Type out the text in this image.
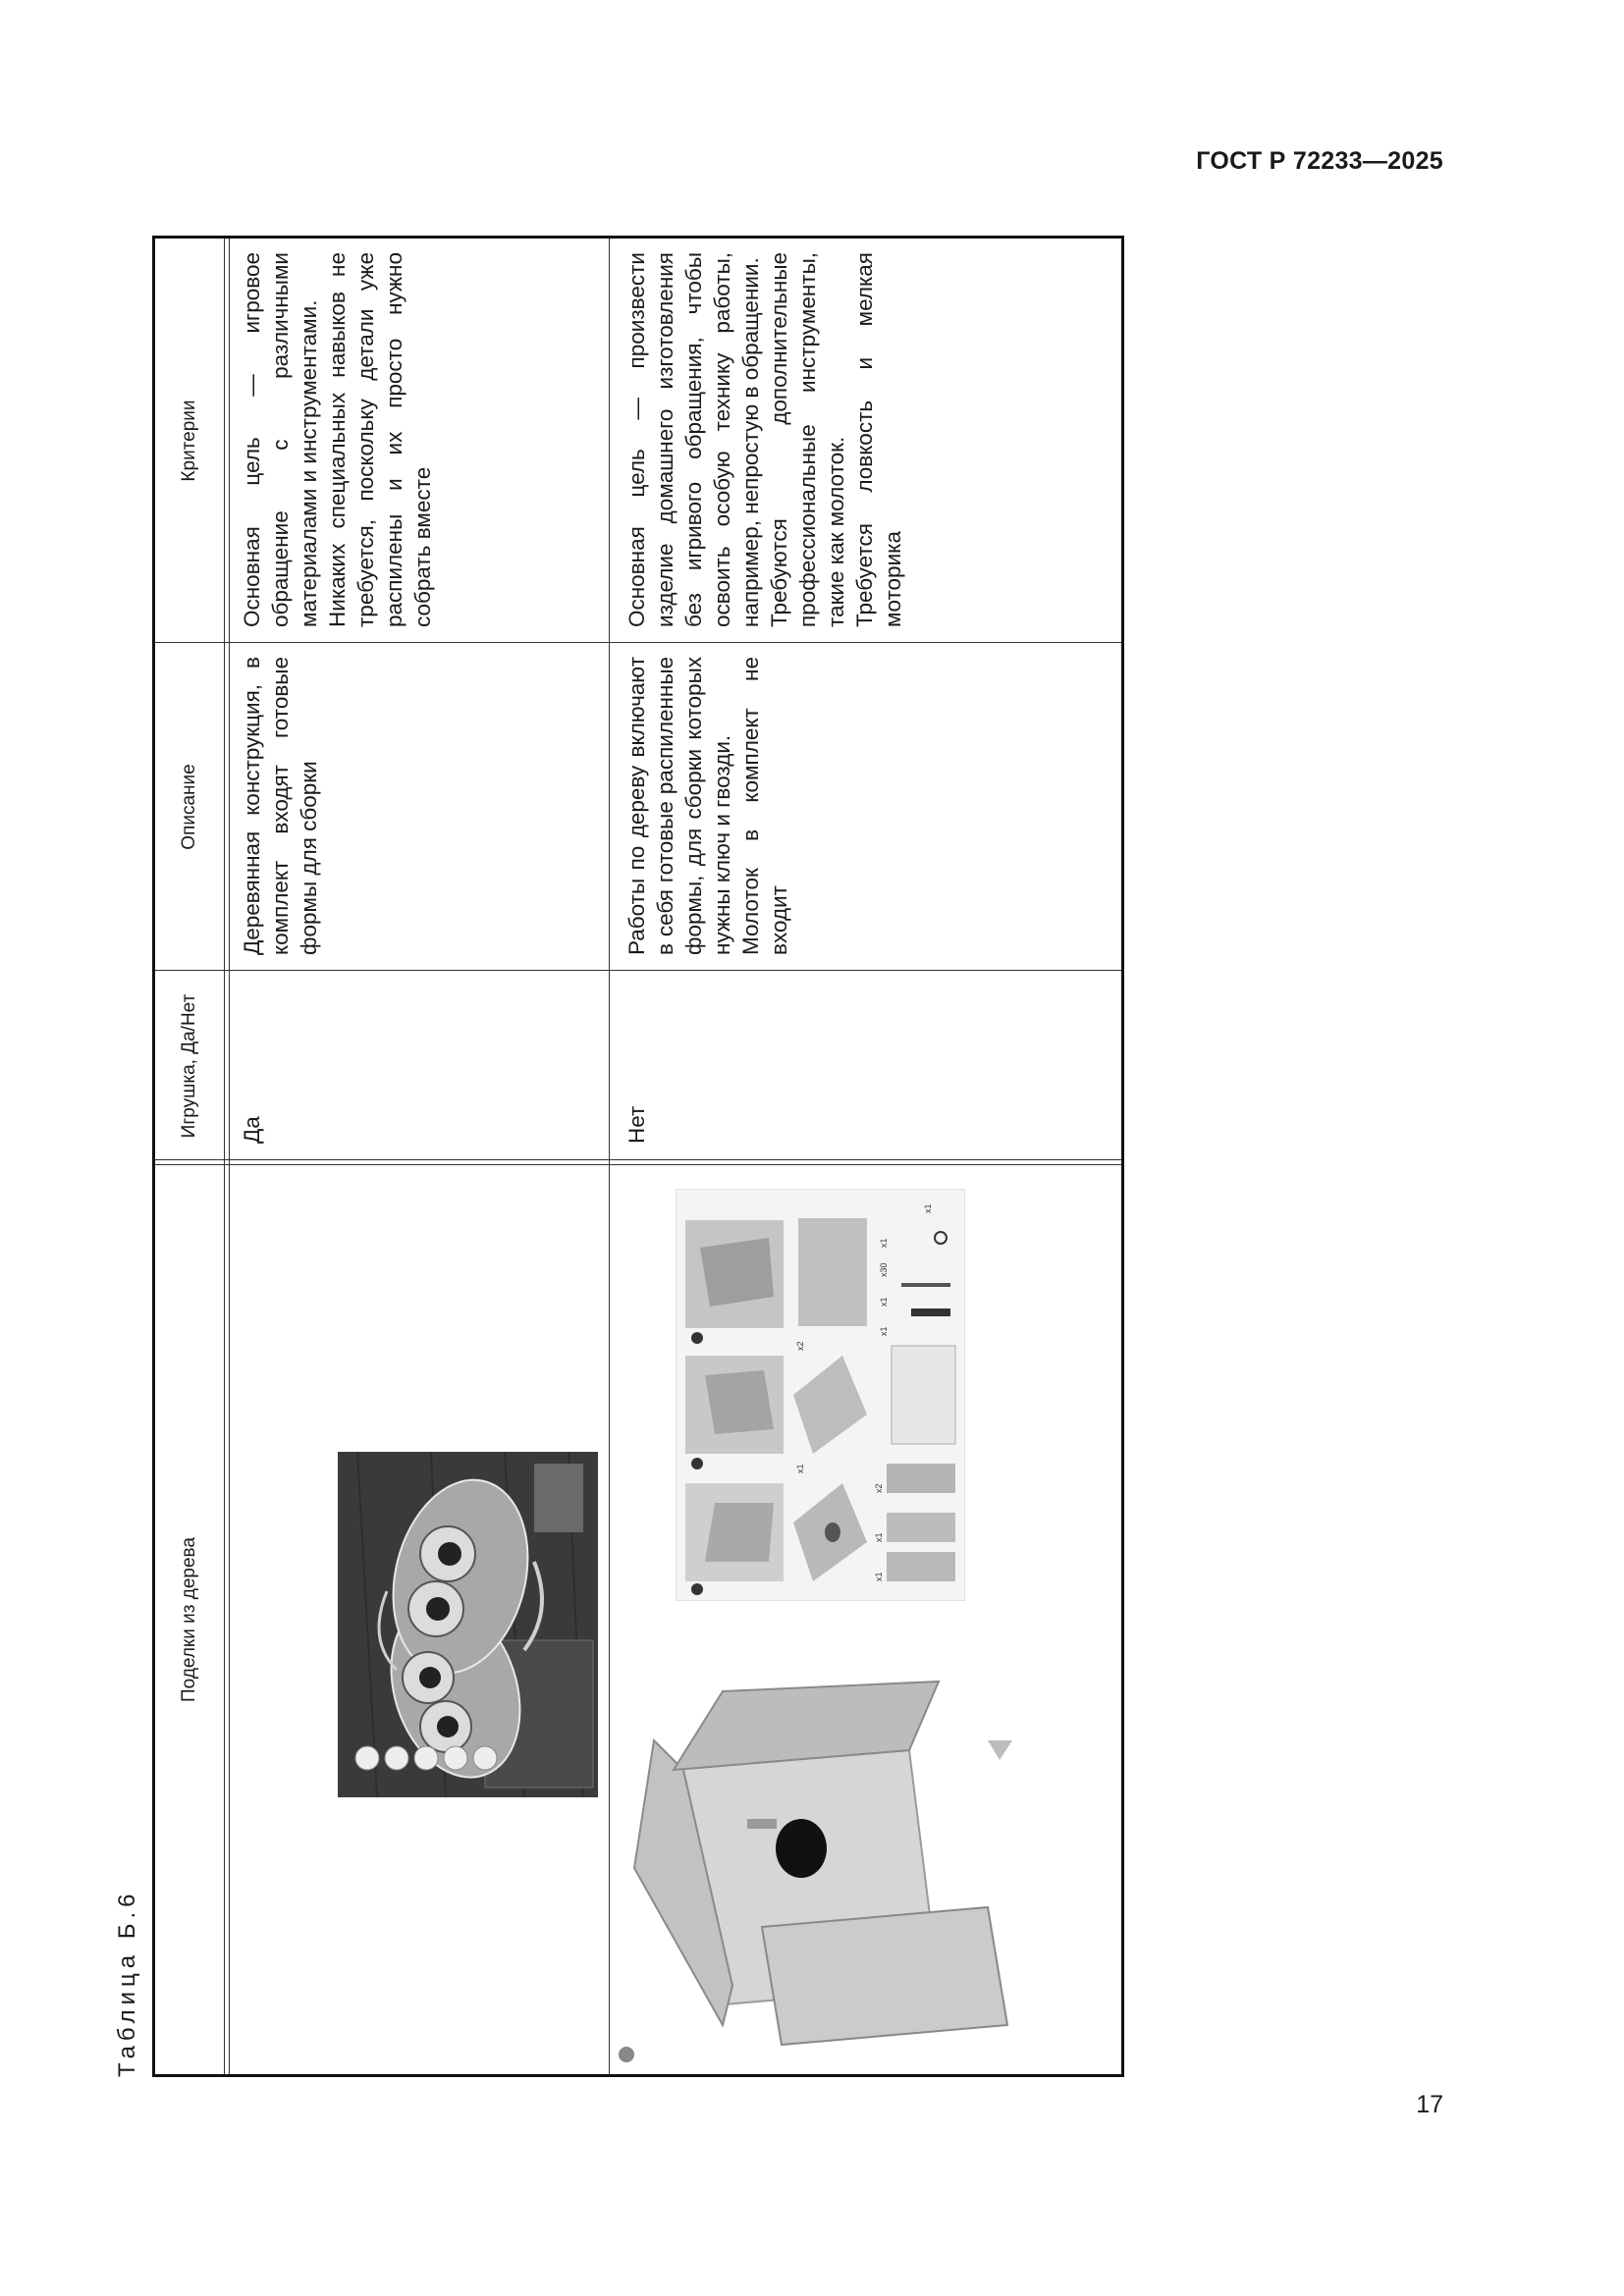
ГОСТ Р 72233—2025
17
Таблица Б.6
Поделки из дерева
Игрушка, Да/Нет
Описание
Критерии
Да
Деревянная конструкция, в комплект входят готовые формы для сборки
Основная цель — игровое обращение с различными материалами и инструментами.
Никаких специальных навыков не требуется, поскольку детали уже распилены и их просто нужно собрать вместе
x1
x1
x2
x1
x2
x1
x1
x30
x1
x1
Нет
Работы по дереву включают в себя готовые распиленные формы, для сборки которых нужны ключ и гвозди.
Молоток в комплект не входит
Основная цель — произвести изделие домашнего изготовления без игривого обращения, чтобы освоить особую технику работы, например, непростую в обращении.
Требуются дополнительные профессиональные инструменты, такие как молоток.
Требуется ловкость и мелкая моторика
